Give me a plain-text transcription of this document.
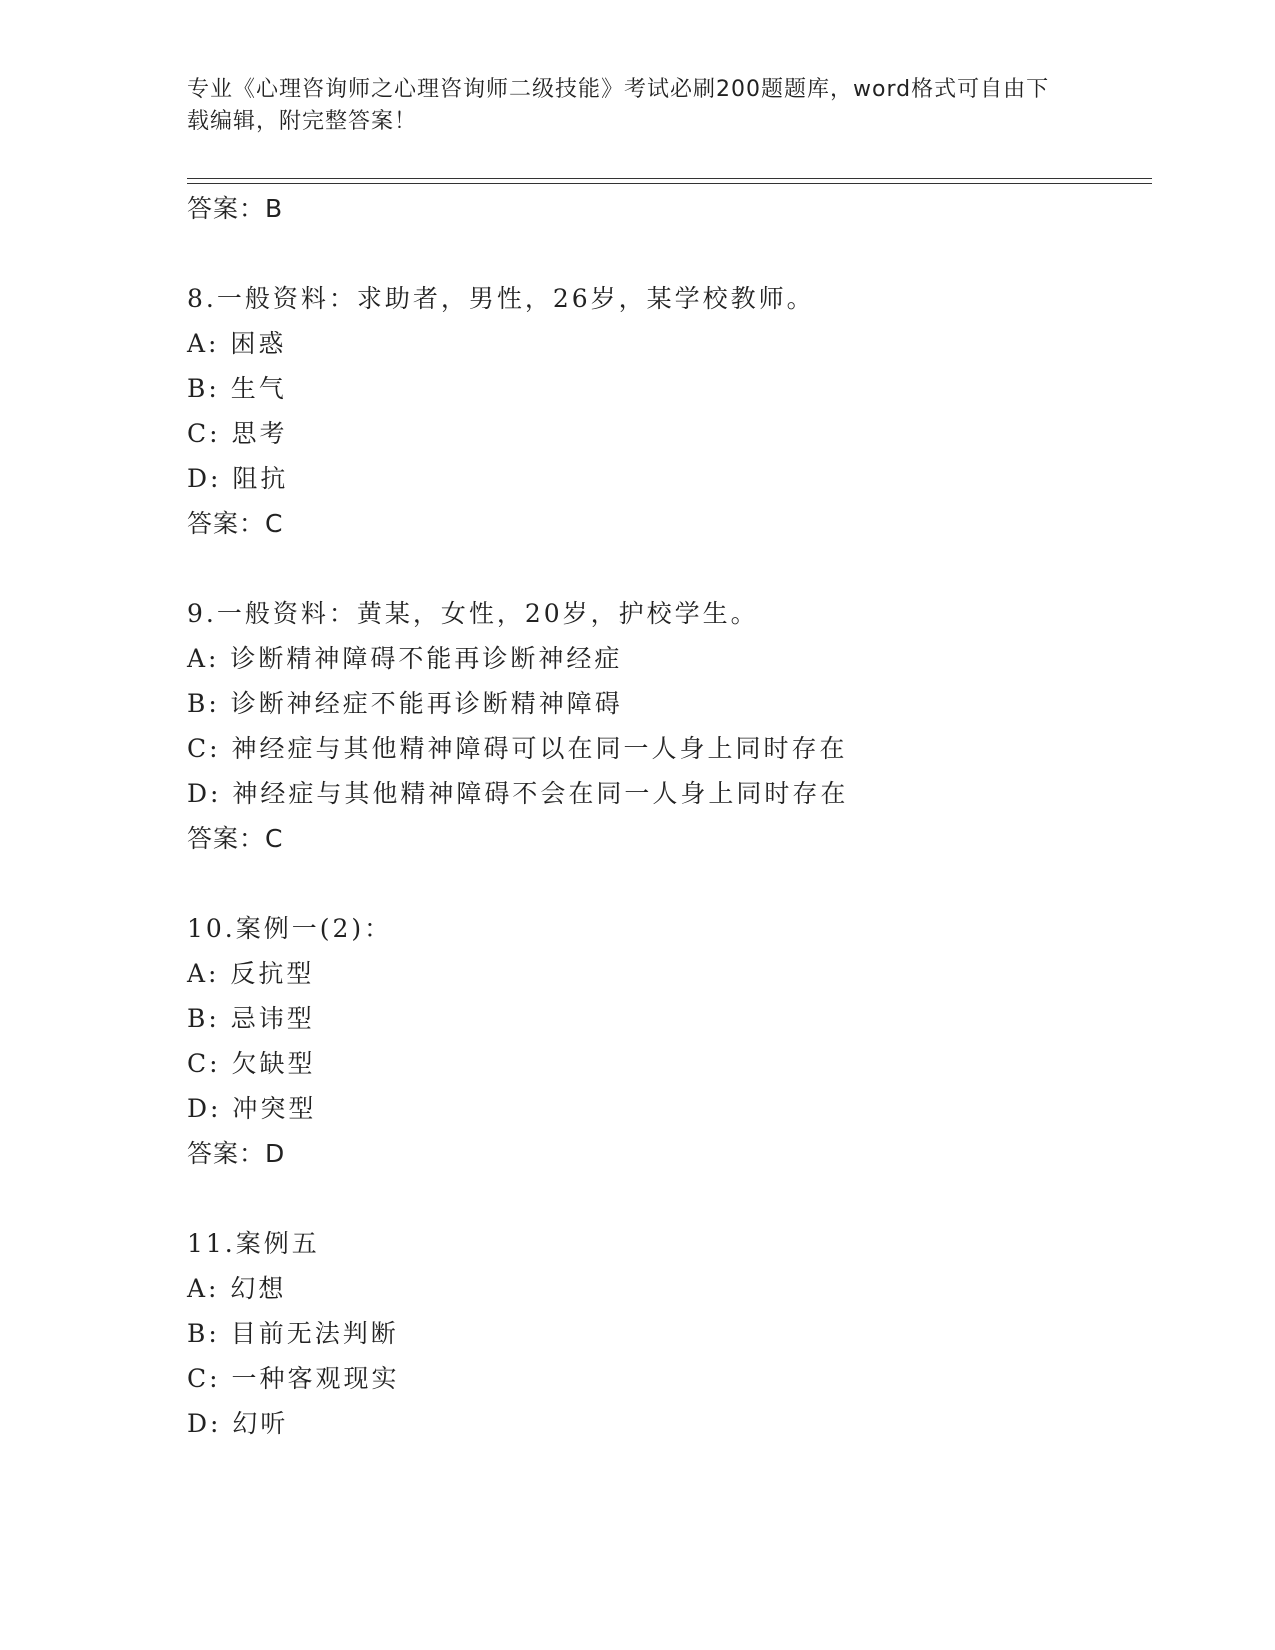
专业《心理咨询师之心理咨询师二级技能》考试必刷200题题库，word格式可自由下载编辑，附完整答案！
答案：B
8.一般资料：求助者，男性，26岁，某学校教师。
A: 困惑
B: 生气
C: 思考
D: 阻抗
答案：C
9.一般资料：黄某，女性，20岁，护校学生。
A: 诊断精神障碍不能再诊断神经症
B: 诊断神经症不能再诊断精神障碍
C: 神经症与其他精神障碍可以在同一人身上同时存在
D: 神经症与其他精神障碍不会在同一人身上同时存在
答案：C
10.案例一(2)：
A: 反抗型
B: 忌讳型
C: 欠缺型
D: 冲突型
答案：D
11.案例五
A: 幻想
B: 目前无法判断
C: 一种客观现实
D: 幻听
